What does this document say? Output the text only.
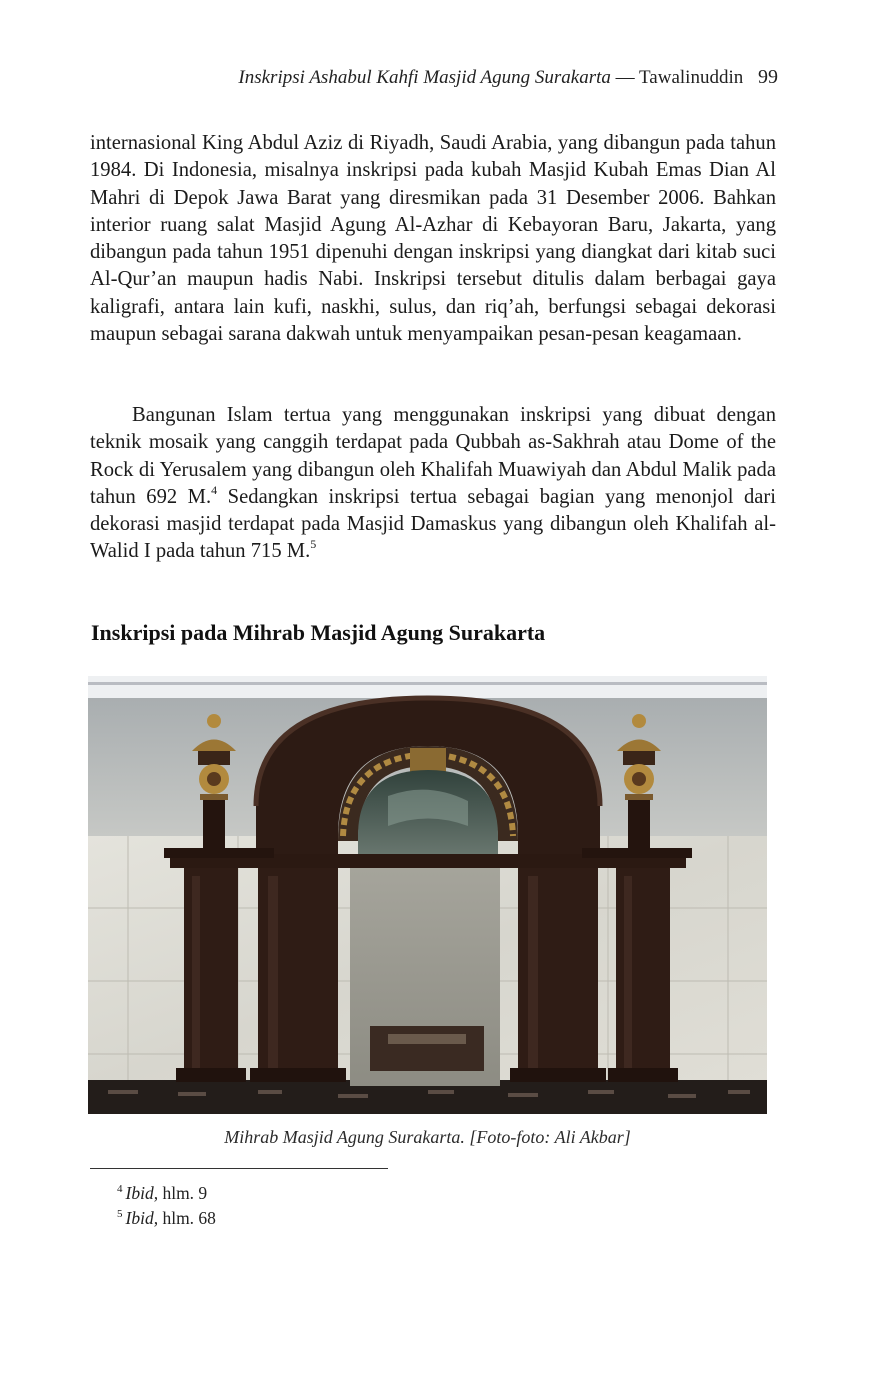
Inskripsi Ashabul Kahfi Masjid Agung Surakarta — Tawalinuddin 99

internasional King Abdul Aziz di Riyadh, Saudi Arabia, yang dibangun pada tahun 1984. Di Indonesia, misalnya inskripsi pada kubah Masjid Kubah Emas Dian Al Mahri di Depok Jawa Barat yang diresmikan pada 31 Desember 2006. Bahkan interior ruang salat Masjid Agung Al-Azhar di Kebayoran Baru, Jakarta, yang dibangun pada tahun 1951 dipenuhi dengan inskripsi yang diangkat dari kitab suci Al-Qur’an maupun hadis Nabi. Inskripsi tersebut ditulis dalam berbagai gaya kaligrafi, antara lain kufi, naskhi, sulus, dan riq’ah, berfungsi sebagai dekorasi maupun sebagai sarana dakwah untuk menyampaikan pesan-pesan keagamaan.

Bangunan Islam tertua yang menggunakan inskripsi yang dibuat dengan teknik mosaik yang canggih terdapat pada Qubbah as-Sakhrah atau Dome of the Rock di Yerusalem yang dibangun oleh Khalifah Muawiyah dan Abdul Malik pada tahun 692 M.$^4$ Sedangkan inskripsi tertua sebagai bagian yang menonjol dari dekorasi masjid terdapat pada Masjid Damaskus yang dibangun oleh Khalifah al-Walid I pada tahun 715 M.$^5$

Inskripsi pada Mihrab Masjid Agung Surakarta
Mihrab Masjid Agung Surakarta. [Foto-foto: Ali Akbar]
$^4$ Ibid, hlm. 9
$^5$ Ibid, hlm. 68
